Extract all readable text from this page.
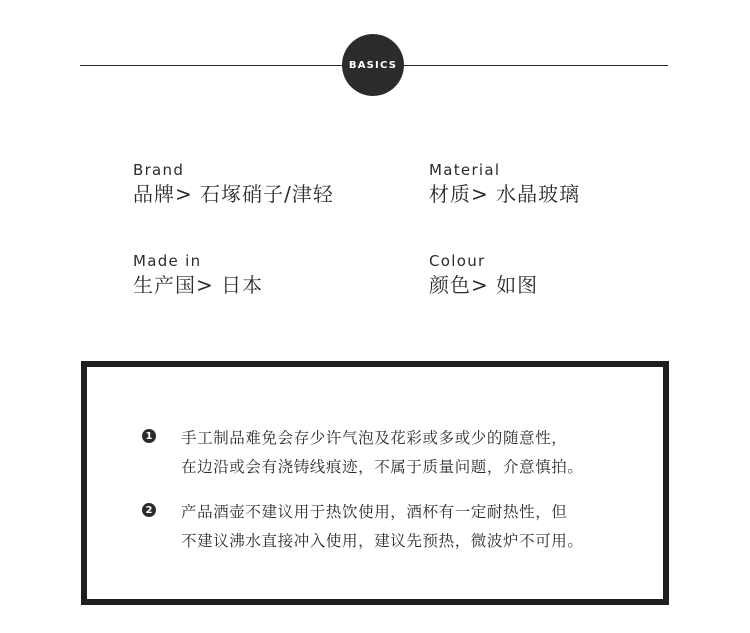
BASICS
Brand
品牌> 石塚硝子/津轻
Material
材质> 水晶玻璃
Made in
生产国> 日本
Colour
颜色> 如图
1 手工制品难免会存少许气泡及花彩或多或少的随意性，
在边沿或会有浇铸线痕迹，不属于质量问题，介意慎拍。
2 产品酒壶不建议用于热饮使用，酒杯有一定耐热性，但
不建议沸水直接冲入使用，建议先预热，微波炉不可用。
